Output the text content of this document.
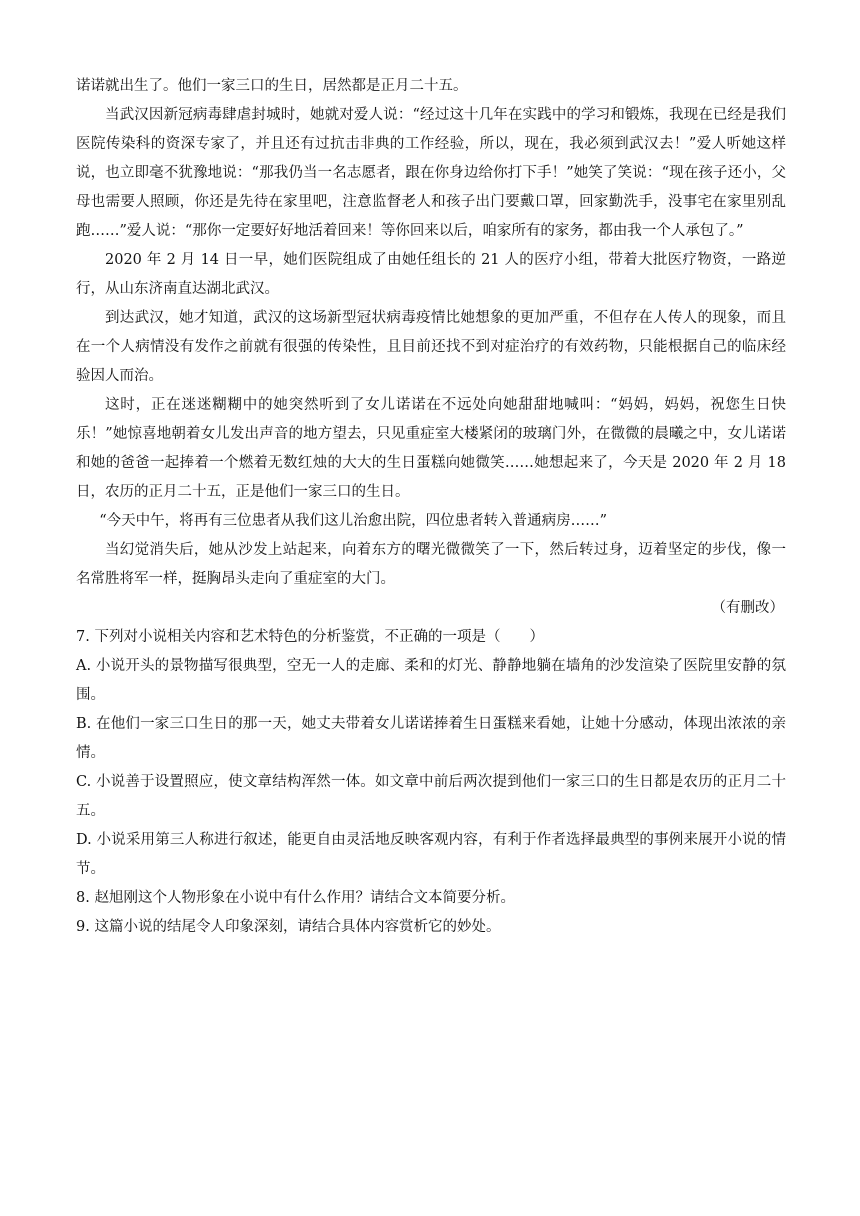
诺诺就出生了。他们一家三口的生日，居然都是正月二十五。

当武汉因新冠病毒肆虐封城时，她就对爱人说：“经过这十几年在实践中的学习和锻炼，我现在已经是我们医院传染科的资深专家了，并且还有过抗击非典的工作经验，所以，现在，我必须到武汉去！”爱人听她这样说，也立即毫不犹豫地说：“那我仍当一名志愿者，跟在你身边给你打下手！”她笑了笑说：“现在孩子还小，父母也需要人照顾，你还是先待在家里吧，注意监督老人和孩子出门要戴口罩，回家勤洗手，没事宅在家里别乱跑……”爱人说：“那你一定要好好地活着回来！等你回来以后，咱家所有的家务，都由我一个人承包了。”

2020 年 2 月 14 日一早，她们医院组成了由她任组长的 21 人的医疗小组，带着大批医疗物资，一路逆行，从山东济南直达湖北武汉。

到达武汉，她才知道，武汉的这场新型冠状病毒疫情比她想象的更加严重，不但存在人传人的现象，而且在一个人病情没有发作之前就有很强的传染性，且目前还找不到对症治疗的有效药物，只能根据自己的临床经验因人而治。

这时，正在迷迷糊糊中的她突然听到了女儿诺诺在不远处向她甜甜地喊叫：“妈妈，妈妈，祝您生日快乐！”她惊喜地朝着女儿发出声音的地方望去，只见重症室大楼紧闭的玻璃门外，在微微的晨曦之中，女儿诺诺和她的爸爸一起捧着一个燃着无数红烛的大大的生日蛋糕向她微笑……她想起来了，今天是 2020 年 2 月 18 日，农历的正月二十五，正是他们一家三口的生日。

“今天中午，将再有三位患者从我们这儿治愈出院，四位患者转入普通病房……”

当幻觉消失后，她从沙发上站起来，向着东方的曙光微微笑了一下，然后转过身，迈着坚定的步伐，像一名常胜将军一样，挺胸昂头走向了重症室的大门。

（有删改）

7. 下列对小说相关内容和艺术特色的分析鉴赏，不正确的一项是（　　）

A. 小说开头的景物描写很典型，空无一人的走廊、柔和的灯光、静静地躺在墙角的沙发渲染了医院里安静的氛围。

B. 在他们一家三口生日的那一天，她丈夫带着女儿诺诺捧着生日蛋糕来看她，让她十分感动，体现出浓浓的亲情。

C. 小说善于设置照应，使文章结构浑然一体。如文章中前后两次提到他们一家三口的生日都是农历的正月二十五。

D. 小说采用第三人称进行叙述，能更自由灵活地反映客观内容，有利于作者选择最典型的事例来展开小说的情节。

8. 赵旭刚这个人物形象在小说中有什么作用？请结合文本简要分析。

9. 这篇小说的结尾令人印象深刻，请结合具体内容赏析它的妙处。
